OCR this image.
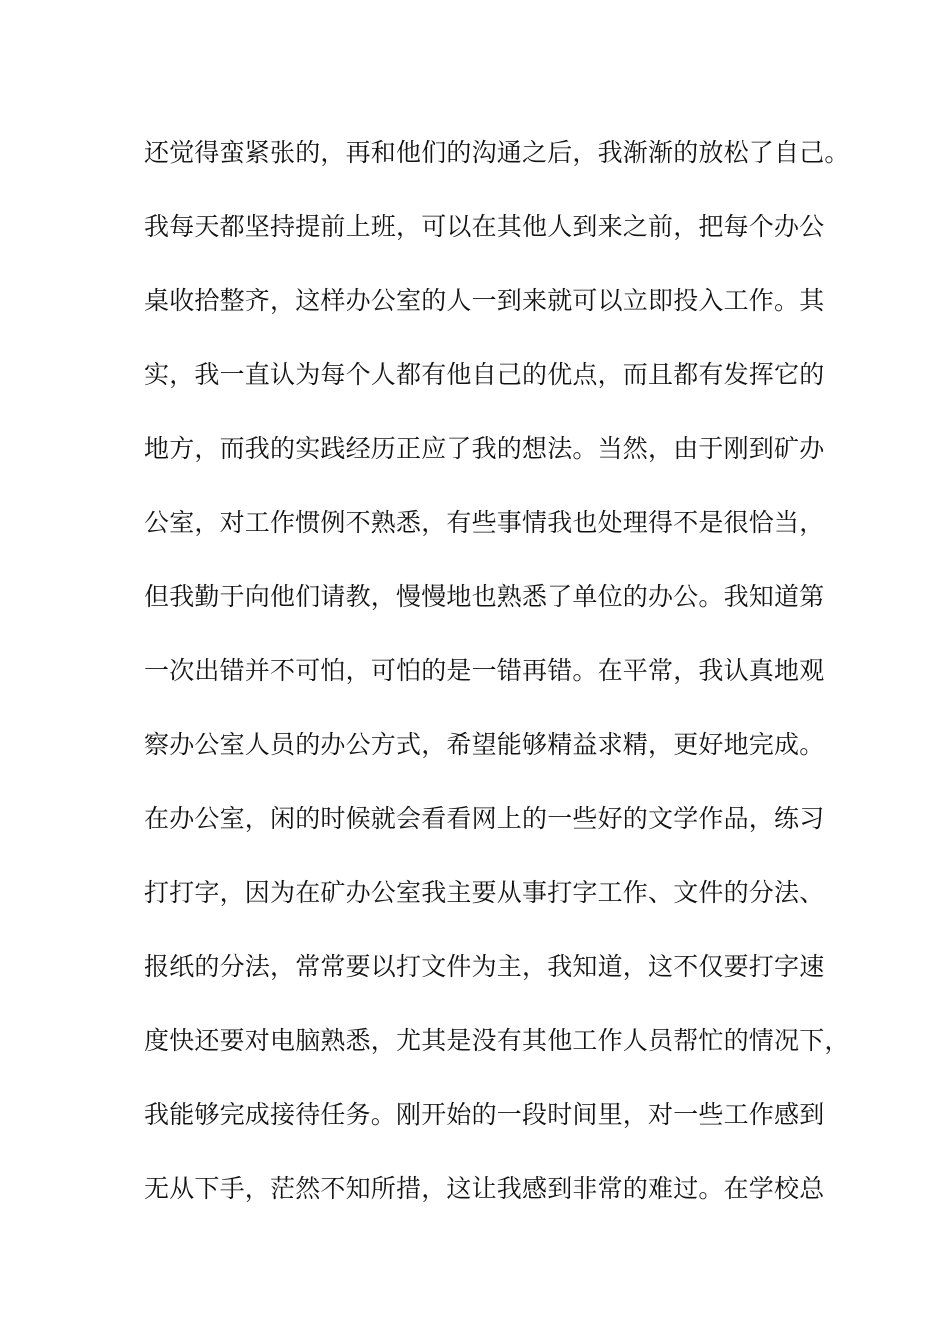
还觉得蛮紧张的，再和他们的沟通之后，我渐渐的放松了自己。
我每天都坚持提前上班，可以在其他人到来之前，把每个办公
桌收拾整齐，这样办公室的人一到来就可以立即投入工作。其
实，我一直认为每个人都有他自己的优点，而且都有发挥它的
地方，而我的实践经历正应了我的想法。当然，由于刚到矿办
公室，对工作惯例不熟悉，有些事情我也处理得不是很恰当，
但我勤于向他们请教，慢慢地也熟悉了单位的办公。我知道第
一次出错并不可怕，可怕的是一错再错。在平常，我认真地观
察办公室人员的办公方式，希望能够精益求精，更好地完成。
在办公室，闲的时候就会看看网上的一些好的文学作品，练习
打打字，因为在矿办公室我主要从事打字工作、文件的分法、
报纸的分法，常常要以打文件为主，我知道，这不仅要打字速
度快还要对电脑熟悉，尤其是没有其他工作人员帮忙的情况下，
我能够完成接待任务。刚开始的一段时间里，对一些工作感到
无从下手，茫然不知所措，这让我感到非常的难过。在学校总
